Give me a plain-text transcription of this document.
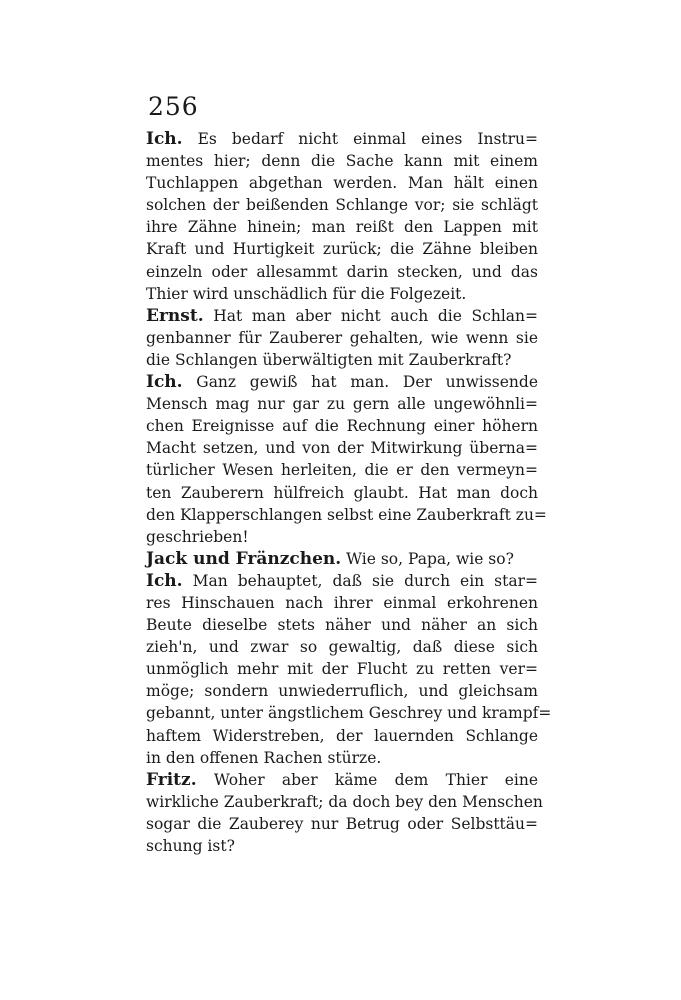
256
Ich. Es bedarf nicht einmal eines Instru=
mentes hier; denn die Sache kann mit einem
Tuchlappen abgethan werden. Man hält einen
solchen der beißenden Schlange vor; sie schlägt
ihre Zähne hinein; man reißt den Lappen mit
Kraft und Hurtigkeit zurück; die Zähne bleiben
einzeln oder allesammt darin stecken, und das
Thier wird unschädlich für die Folgezeit.
Ernst. Hat man aber nicht auch die Schlan=
genbanner für Zauberer gehalten, wie wenn sie
die Schlangen überwältigten mit Zauberkraft?
Ich. Ganz gewiß hat man. Der unwissende
Mensch mag nur gar zu gern alle ungewöhnli=
chen Ereignisse auf die Rechnung einer höhern
Macht setzen, und von der Mitwirkung überna=
türlicher Wesen herleiten, die er den vermeyn=
ten Zauberern hülfreich glaubt. Hat man doch
den Klapperschlangen selbst eine Zauberkraft zu=
geschrieben!
Jack und Fränzchen. Wie so, Papa, wie so?
Ich. Man behauptet, daß sie durch ein star=
res Hinschauen nach ihrer einmal erkohrenen
Beute dieselbe stets näher und näher an sich
zieh'n, und zwar so gewaltig, daß diese sich
unmöglich mehr mit der Flucht zu retten ver=
möge; sondern unwiederruflich, und gleichsam
gebannt, unter ängstlichem Geschrey und krampf=
haftem Widerstreben, der lauernden Schlange
in den offenen Rachen stürze.
Fritz. Woher aber käme dem Thier eine
wirkliche Zauberkraft; da doch bey den Menschen
sogar die Zauberey nur Betrug oder Selbsttäu=
schung ist?
